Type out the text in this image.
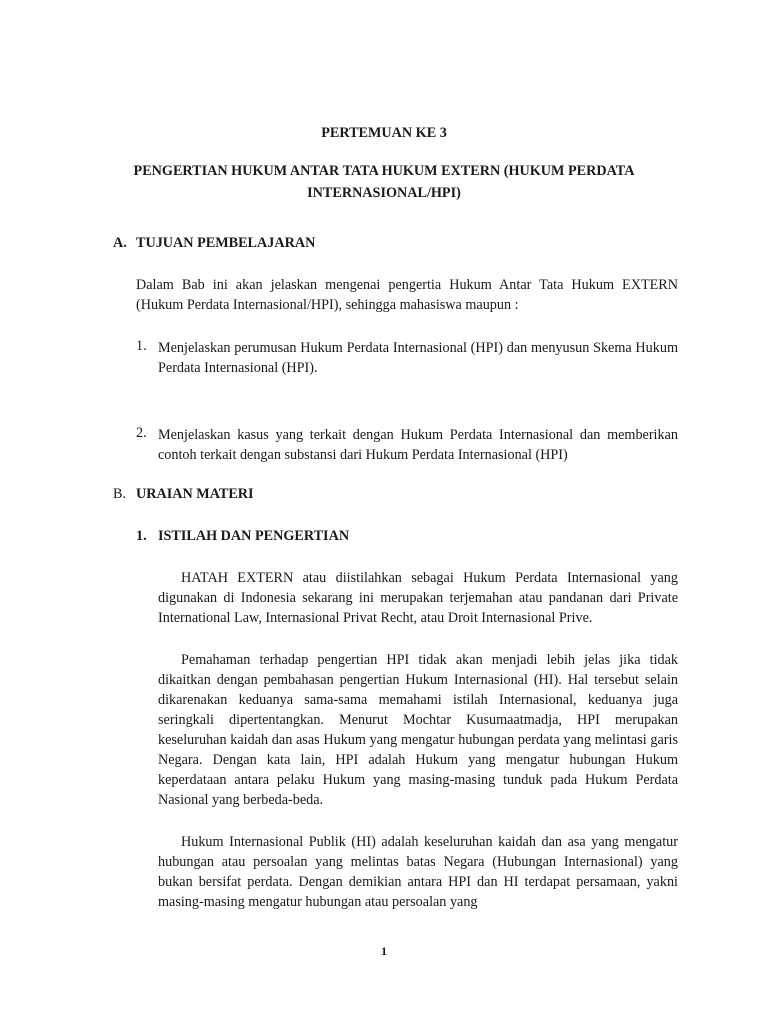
PERTEMUAN KE 3
PENGERTIAN HUKUM ANTAR TATA HUKUM EXTERN (HUKUM PERDATA INTERNASIONAL/HPI)
A. TUJUAN PEMBELAJARAN
Dalam Bab ini akan jelaskan mengenai pengertia Hukum Antar Tata Hukum EXTERN (Hukum Perdata Internasional/HPI), sehingga mahasiswa maupun :
1. Menjelaskan perumusan Hukum Perdata Internasional (HPI) dan menyusun Skema Hukum Perdata Internasional (HPI).
2. Menjelaskan kasus yang terkait dengan Hukum Perdata Internasional dan memberikan contoh terkait dengan substansi dari Hukum Perdata Internasional (HPI)
B. URAIAN MATERI
1. ISTILAH DAN PENGERTIAN
HATAH EXTERN atau diistilahkan sebagai Hukum Perdata Internasional yang digunakan di Indonesia sekarang ini merupakan terjemahan atau pandanan dari Private International Law, Internasional Privat Recht, atau Droit Internasional Prive.
Pemahaman terhadap pengertian HPI tidak akan menjadi lebih jelas jika tidak dikaitkan dengan pembahasan pengertian Hukum Internasional (HI). Hal tersebut selain dikarenakan keduanya sama-sama memahami istilah Internasional, keduanya juga seringkali dipertentangkan. Menurut Mochtar Kusumaatmadja, HPI merupakan keseluruhan kaidah dan asas Hukum yang mengatur hubungan perdata yang melintasi garis Negara. Dengan kata lain, HPI adalah Hukum yang mengatur hubungan Hukum keperdataan antara pelaku Hukum yang masing-masing tunduk pada Hukum Perdata Nasional yang berbeda-beda.
Hukum Internasional Publik (HI) adalah keseluruhan kaidah dan asa yang mengatur hubungan atau persoalan yang melintas batas Negara (Hubungan Internasional) yang bukan bersifat perdata. Dengan demikian antara HPI dan HI terdapat persamaan, yakni masing-masing mengatur hubungan atau persoalan yang
1
